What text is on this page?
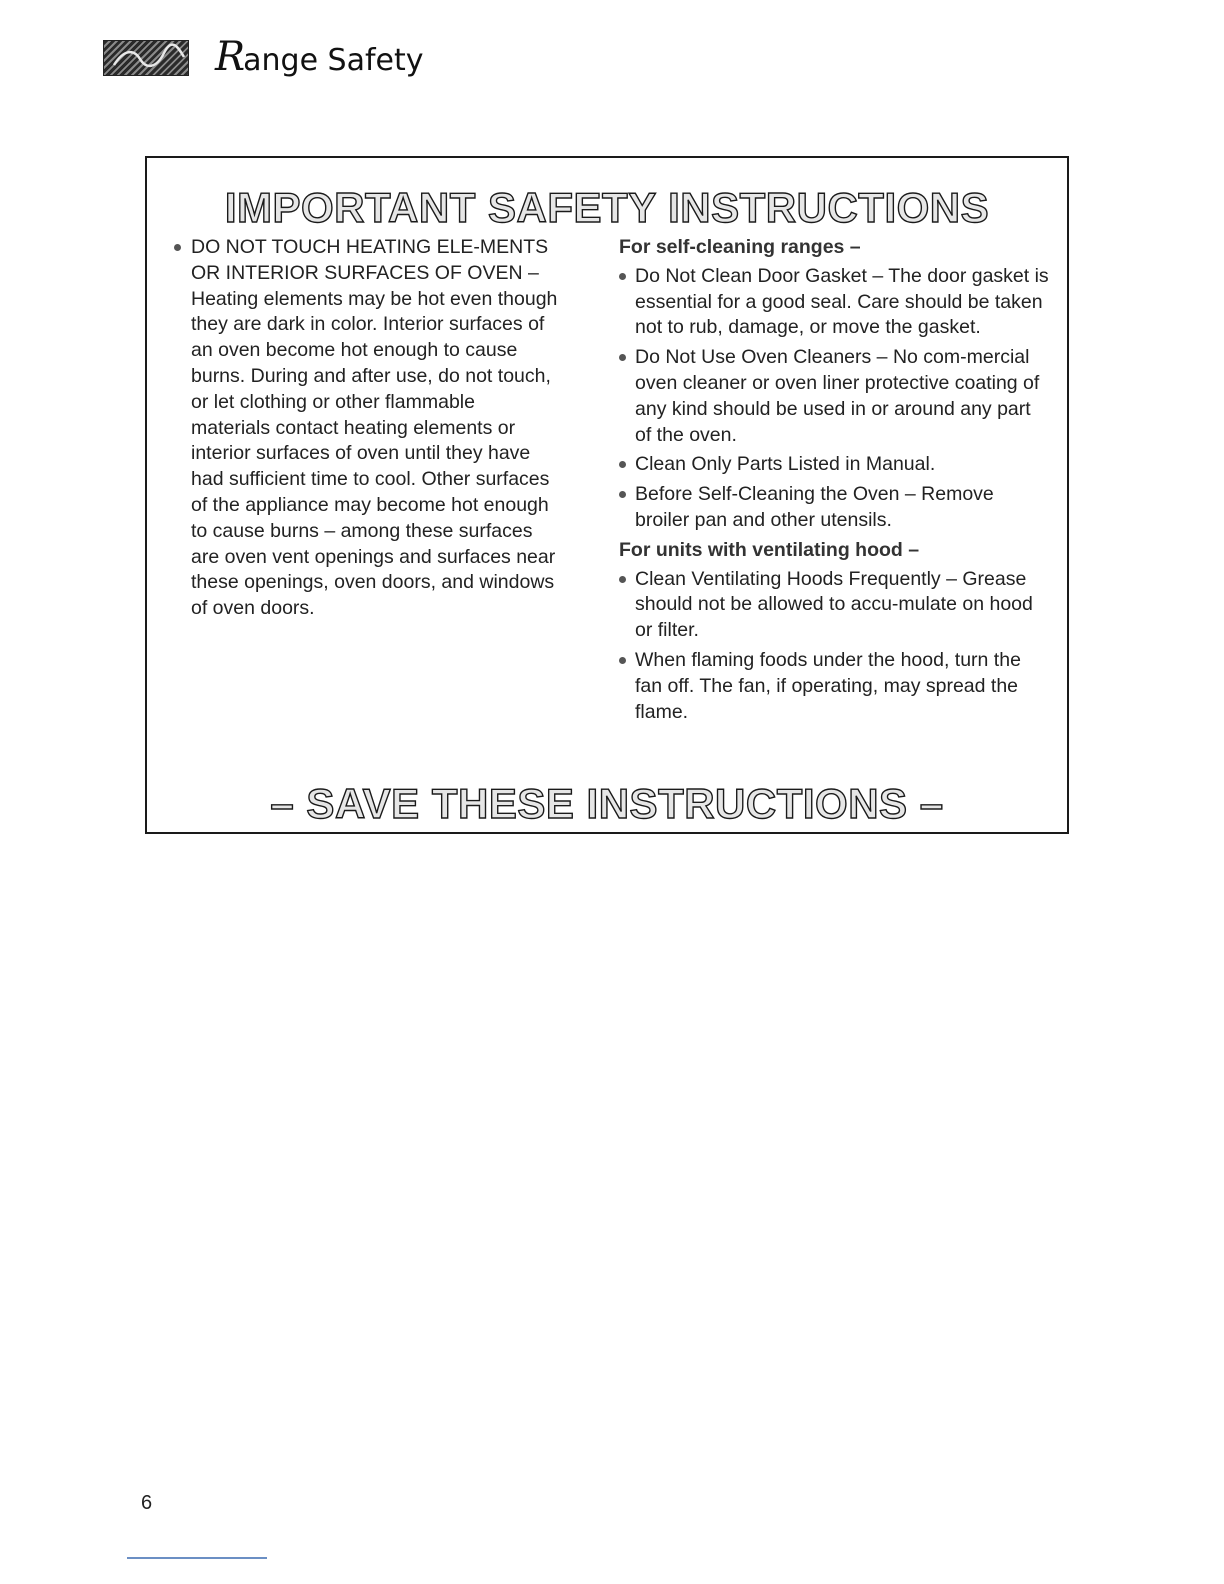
Range Safety
IMPORTANT SAFETY INSTRUCTIONS
DO NOT TOUCH HEATING ELE-MENTS OR INTERIOR SURFACES OF OVEN – Heating elements may be hot even though they are dark in color. Interior surfaces of an oven become hot enough to cause burns. During and after use, do not touch, or let clothing or other flammable materials contact heating elements or interior surfaces of oven until they have had sufficient time to cool. Other surfaces of the appliance may become hot enough to cause burns – among these surfaces are oven vent openings and surfaces near these openings, oven doors, and windows of oven doors.
For self-cleaning ranges –
Do Not Clean Door Gasket – The door gasket is essential for a good seal. Care should be taken not to rub, damage, or move the gasket.
Do Not Use Oven Cleaners – No com-mercial oven cleaner or oven liner protective coating of any kind should be used in or around any part of the oven.
Clean Only Parts Listed in Manual.
Before Self-Cleaning the Oven – Remove broiler pan and other utensils.
For units with ventilating hood –
Clean Ventilating Hoods Frequently – Grease should not be allowed to accu-mulate on hood or filter.
When flaming foods under the hood, turn the fan off. The fan, if operating, may spread the flame.
– SAVE THESE INSTRUCTIONS –
6
